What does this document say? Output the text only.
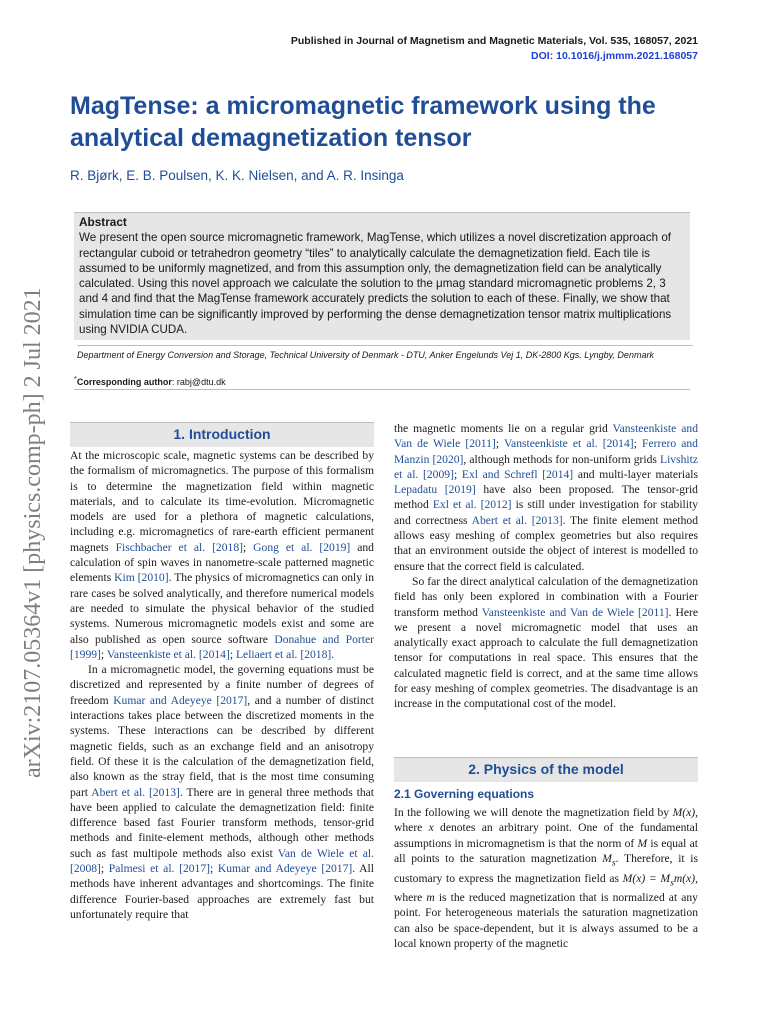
Published in Journal of Magnetism and Magnetic Materials, Vol. 535, 168057, 2021
DOI: 10.1016/j.jmmm.2021.168057
MagTense: a micromagnetic framework using the analytical demagnetization tensor
R. Bjørk, E. B. Poulsen, K. K. Nielsen, and A. R. Insinga
Abstract
We present the open source micromagnetic framework, MagTense, which utilizes a novel discretization approach of rectangular cuboid or tetrahedron geometry “tiles” to analytically calculate the demagnetization field. Each tile is assumed to be uniformly magnetized, and from this assumption only, the demagnetization field can be analytically calculated. Using this novel approach we calculate the solution to the μmag standard micromagnetic problems 2, 3 and 4 and find that the MagTense framework accurately predicts the solution to each of these. Finally, we show that simulation time can be significantly improved by performing the dense demagnetization tensor matrix multiplications using NVIDIA CUDA.
Department of Energy Conversion and Storage, Technical University of Denmark - DTU, Anker Engelunds Vej 1, DK-2800 Kgs. Lyngby, Denmark
*Corresponding author: rabj@dtu.dk
arXiv:2107.05364v1 [physics.comp-ph] 2 Jul 2021	1. Introduction

At the microscopic scale, magnetic systems can be described by the formalism of micromagnetics. The purpose of this formalism is to determine the magnetization field within magnetic materials, and to calculate its time-evolution. Micromagnetic models are used for a plethora of magnetic calculations, including e.g. micromagnetics of rare-earth efficient permanent magnets Fischbacher et al. [2018]; Gong et al. [2019] and calculation of spin waves in nanometre-scale patterned magnetic elements Kim [2010]. The physics of micromagnetics can only in rare cases be solved analytically, and therefore numerical models are needed to simulate the physical behavior of the studied systems. Numerous micromagnetic models exist and some are also published as open source software Donahue and Porter [1999]; Vansteenkiste et al. [2014]; Leliaert et al. [2018].

In a micromagnetic model, the governing equations must be discretized and represented by a finite number of degrees of freedom Kumar and Adeyeye [2017], and a number of distinct interactions takes place between the discretized moments in the systems. These interactions can be described by different magnetic fields, such as an exchange field and an anisotropy field. Of these it is the calculation of the demagnetization field, also known as the stray field, that is the most time consuming part Abert et al. [2013]. There are in general three methods that have been applied to calculate the demagnetization field: finite difference based fast Fourier transform methods, tensor-grid methods and finite-element methods, although other methods such as fast multipole methods also exist Van de Wiele et al. [2008]; Palmesi et al. [2017]; Kumar and Adeyeye [2017]. All methods have inherent advantages and shortcomings. The finite difference Fourier-based approaches are extremely fast but unfortunately require that

the magnetic moments lie on a regular grid Vansteenkiste and Van de Wiele [2011]; Vansteenkiste et al. [2014]; Ferrero and Manzin [2020], although methods for non-uniform grids Livshitz et al. [2009]; Exl and Schrefl [2014] and multi-layer materials Lepadatu [2019] have also been proposed. The tensor-grid method Exl et al. [2012] is still under investigation for stability and correctness Abert et al. [2013]. The finite element method allows easy meshing of complex geometries but also requires that an environment outside the object of interest is modelled to ensure that the correct field is calculated.

So far the direct analytical calculation of the demagnetization field has only been explored in combination with a Fourier transform method Vansteenkiste and Van de Wiele [2011]. Here we present a novel micromagnetic model that uses an analytically exact approach to calculate the full demagnetization tensor for computations in real space. This ensures that the calculated magnetic field is correct, and at the same time allows for easy meshing of complex geometries. The disadvantage is an increase in the computational cost of the model.

2. Physics of the model
2.1 Governing equations

In the following we will denote the magnetization field by M(x), where x denotes an arbitrary point. One of the fundamental assumptions in micromagnetism is that the norm of M is equal at all points to the saturation magnetization $M_s$. Therefore, it is customary to express the magnetization field as $M(x) = M_sm(x)$, where m is the reduced magnetization that is normalized at any point. For heterogeneous materials the saturation magnetization can also be space-dependent, but it is always assumed to be a local known property of the magnetic
